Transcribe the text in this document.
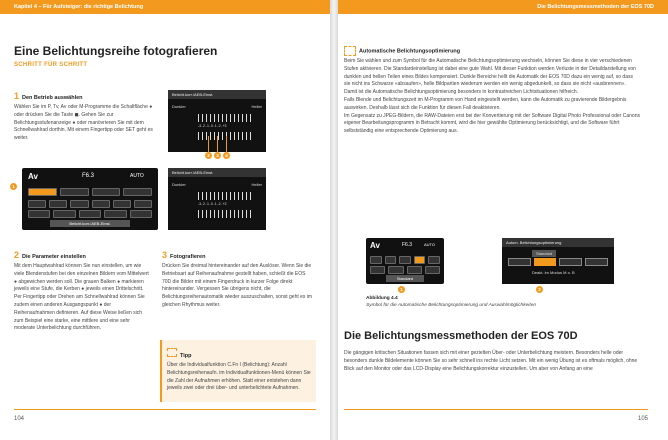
Kapitel 4 – Für Aufsteiger: die richtige Belichtung
Eine Belichtungsreihe fotografieren
SCHRITT FÜR SCHRITT
1 Den Betrieb auswählen
Wählen Sie im P, Tv, Av oder M-Programme die Schaltfläche ● oder drücken Sie die Taste ◼. Gehen Sie zur Belichtungsstufenanzeige ● oder manövrieren Sie mit dem Schnellwahlrad dorthin. Mit einem Fingertipp oder SET geht es weiter.
Av	F6.3	AUTO
Belicht.korr./AEB-Einst.
1
Belicht.korr./AEB-Einst.
Dunkler	Heller
-3..2..1..0..1..2..+3
2	3	4
Belicht.korr./AEB-Einst.
Dunkler	Heller
-3..2..1..0..1..2..+3
2 Die Parameter einstellen
Mit dem Hauptwahlrad können Sie nun einstellen, um wie viele Blendenstufen bei den einzelnen Bildern vom Mittelwert ● abgewichen werden soll. Die grauen Balken ● markieren jeweils eine Stufe, die Kerben ● jeweils einen Drittelschritt. Per Fingertipp oder Drehen am Schnellwahlrad können Sie zudem einen anderen Ausgangspunkt ● der Reihenaufnahmen definieren. Auf diese Weise ließen sich zum Beispiel eine starke, eine mittlere und eine sehr moderate Unterbelichtung durchführen.
3 Fotografieren
Drücken Sie dreimal hintereinander auf den Auslöser. Wenn Sie die Betriebsart auf Reihenaufnahme gestellt haben, schießt die EOS 70D die Bilder mit einem Fingerdruck in kurzer Folge direkt hintereinander. Vergessen Sie übrigens nicht, die Belichtungsreihenautomatik wieder auszuschalten, sonst geht es im gleichen Rhythmus weiter.
Tipp
Über die Individualfunktion C.Fn I (Belichtung): Anzahl Belichtungsreihenaufn. im Individualfunktionen-Menü können Sie die Zahl der Aufnahmen erhöhen. Statt einer entstehen dann jeweils zwei oder drei über- und unterbelichtete Aufnahmen.
104
Die Belichtungsmessmethoden der EOS 70D
Automatische Belichtungsoptimierung
Beim Sie wählen und zum Symbol für die Automatische Belichtungsoptimierung wechseln, können Sie diese in vier verschiedenen Stufen aktivieren. Die Standardeinstellung ist dabei eine gute Wahl. Mit dieser Funktion werden Verluste in der Detaildarstellung von dunklen und hellen Teilen eines Bildes kompensiert. Dunkle Bereiche hellt die Automatik der EOS 70D dazu ein wenig auf, so dass sie nicht ins Schwarze «absaufen», helle Bildpartien wiederum werden ein wenig abgedunkelt, so dass sie nicht «ausbrennen». Damit ist die Automatische Belichtungsoptimierung besonders in kontrastreichen Lichtsituationen hilfreich.
Falls Blende und Belichtungszeit im M-Programm von Hand eingestellt werden, kann die Automatik zu gravierende Bildergebnis auswirken. Deshalb lässt sich die Funktion für diesen Fall deaktivieren.
Im Gegensatz zu JPEG-Bildern, die RAW-Dateien erst bei der Konvertierung mit der Software Digital Photo Professional oder Canons eigener Bearbeitungsprogramm in Betracht kommt, wird die hier gewählte Optimierung berücksichtigt, und die Software führt selbstständig eine entsprechende Optimierung aus.
Av	F6.3	AUTO
Standard
1
Autom. Belichtungsoptimierung
Standard
Deakt. im Modus M o. B
2
Abbildung 4.4
Symbol für die Automatische Belichtungsoptimierung und Auswahlmöglichkeiten
Die Belichtungsmessmethoden der EOS 70D
Die gängigen kritischen Situationen fassen sich mit einer gezielten Über- oder Unterbelichtung meistern. Besonders helle oder besonders dunkle Bildelemente können Sie so sehr schnell ins rechte Licht setzen. Mit ein wenig Übung ist es oftmals möglich, ohne Blick auf den Monitor oder das LCD-Display eine Belichtungskorrektur einzustellen. Um aber von Anfang an eine
105
